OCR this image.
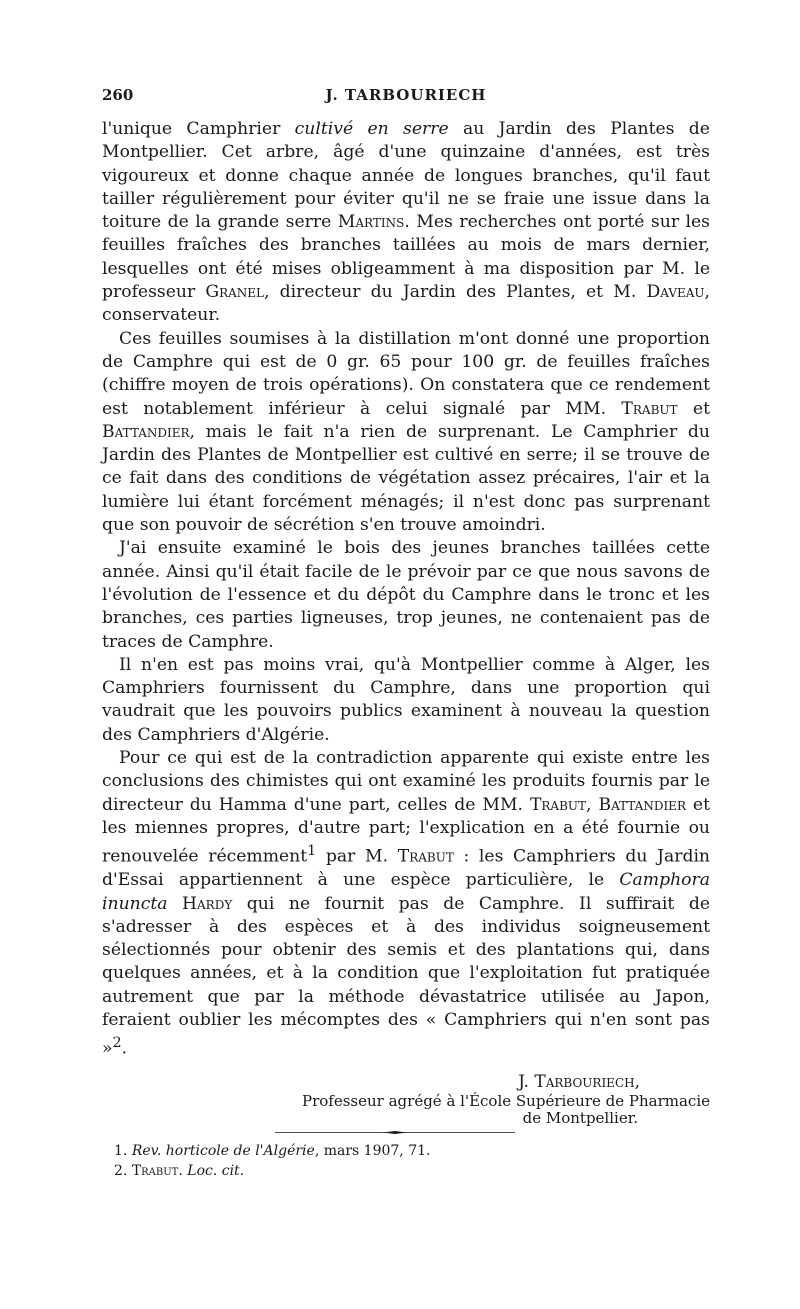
260	J. TARBOURIECH

l'unique Camphrier cultivé en serre au Jardin des Plantes de Montpellier. Cet arbre, âgé d'une quinzaine d'années, est très vigoureux et donne chaque année de longues branches, qu'il faut tailler régulièrement pour éviter qu'il ne se fraie une issue dans la toiture de la grande serre Martins. Mes recherches ont porté sur les feuilles fraîches des branches taillées au mois de mars dernier, lesquelles ont été mises obligeamment à ma disposition par M. le professeur Granel, directeur du Jardin des Plantes, et M. Daveau, conservateur.

Ces feuilles soumises à la distillation m'ont donné une proportion de Camphre qui est de 0 gr. 65 pour 100 gr. de feuilles fraîches (chiffre moyen de trois opérations). On constatera que ce rendement est notablement inférieur à celui signalé par MM. Trabut et Battandier, mais le fait n'a rien de surprenant. Le Camphrier du Jardin des Plantes de Montpellier est cultivé en serre; il se trouve de ce fait dans des conditions de végétation assez précaires, l'air et la lumière lui étant forcément ménagés; il n'est donc pas surprenant que son pouvoir de sécrétion s'en trouve amoindri.

J'ai ensuite examiné le bois des jeunes branches taillées cette année. Ainsi qu'il était facile de le prévoir par ce que nous savons de l'évolution de l'essence et du dépôt du Camphre dans le tronc et les branches, ces parties ligneuses, trop jeunes, ne contenaient pas de traces de Camphre.

Il n'en est pas moins vrai, qu'à Montpellier comme à Alger, les Camphriers fournissent du Camphre, dans une proportion qui vaudrait que les pouvoirs publics examinent à nouveau la question des Camphriers d'Algérie.

Pour ce qui est de la contradiction apparente qui existe entre les conclusions des chimistes qui ont examiné les produits fournis par le directeur du Hamma d'une part, celles de MM. Trabut, Battandier et les miennes propres, d'autre part; l'explication en a été fournie ou renouvelée récemment$^1$ par M. Trabut : les Camphriers du Jardin d'Essai appartiennent à une espèce particulière, le Camphora inuncta Hardy qui ne fournit pas de Camphre. Il suffirait de s'adresser à des espèces et à des individus soigneusement sélectionnés pour obtenir des semis et des plantations qui, dans quelques années, et à la condition que l'exploitation fut pratiquée autrement que par la méthode dévastatrice utilisée au Japon, feraient oublier les mécomptes des « Camphriers qui n'en sont pas »$^2$.

J. Tarbouriech,
Professeur agrégé à l'École Supérieure de Pharmacie
de Montpellier.
1. Rev. horticole de l'Algérie, mars 1907, 71.
2. Trabut. Loc. cit.
